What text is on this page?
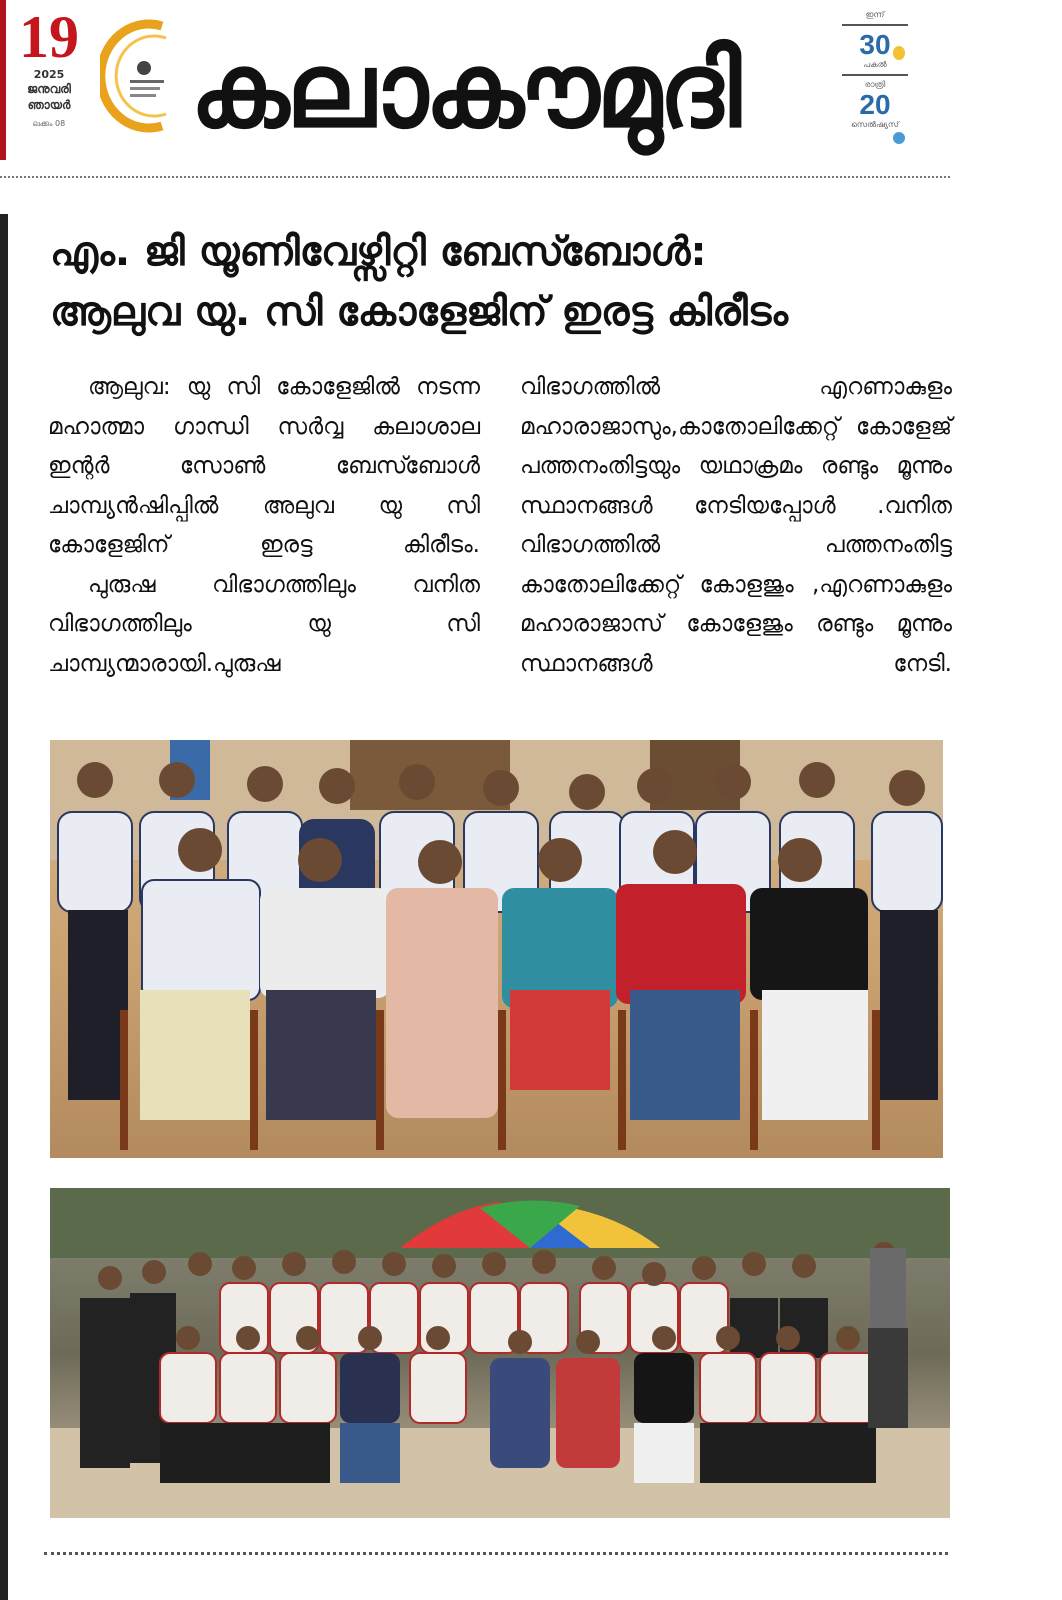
19
2025
ജനുവരി
ഞായർ
ലക്കം 08 കലാകൗമുദി
ഇന്ന്
30
പകൽ
രാത്രി
20
സെൽഷ്യസ്
എം. ജി യൂണിവേഴ്സിറ്റി ബേസ്ബോൾ:
ആലുവ യു. സി കോളേജിന് ഇരട്ട കിരീടം

ആലുവ: യു സി കോളേജിൽ നടന്ന മഹാത്മാ ഗാന്ധി സർവ്വ കലാശാല ഇന്റർ സോൺ ബേസ്ബോൾ ചാമ്പ്യൻഷിപ്പിൽ അലുവ യു സി കോളേജിന് ഇരട്ട കിരീടം.

പുരുഷ വിഭാഗത്തിലും വനിത വിഭാഗത്തിലും യു സി ചാമ്പ്യന്മാരായി.പുരുഷ

വിഭാഗത്തിൽ എറണാകുളം മഹാരാജാസും,കാതോലിക്കേറ്റ് കോളേജ് പത്തനംതിട്ടയും യഥാക്രമം രണ്ടും മൂന്നും സ്ഥാനങ്ങൾ നേടിയപ്പോൾ .വനിത വിഭാഗത്തിൽ പത്തനംതിട്ട കാതോലിക്കേറ്റ് കോളജും ,എറണാകുളം മഹാരാജാസ് കോളേജും രണ്ടും മൂന്നും സ്ഥാനങ്ങൾ നേടി.
